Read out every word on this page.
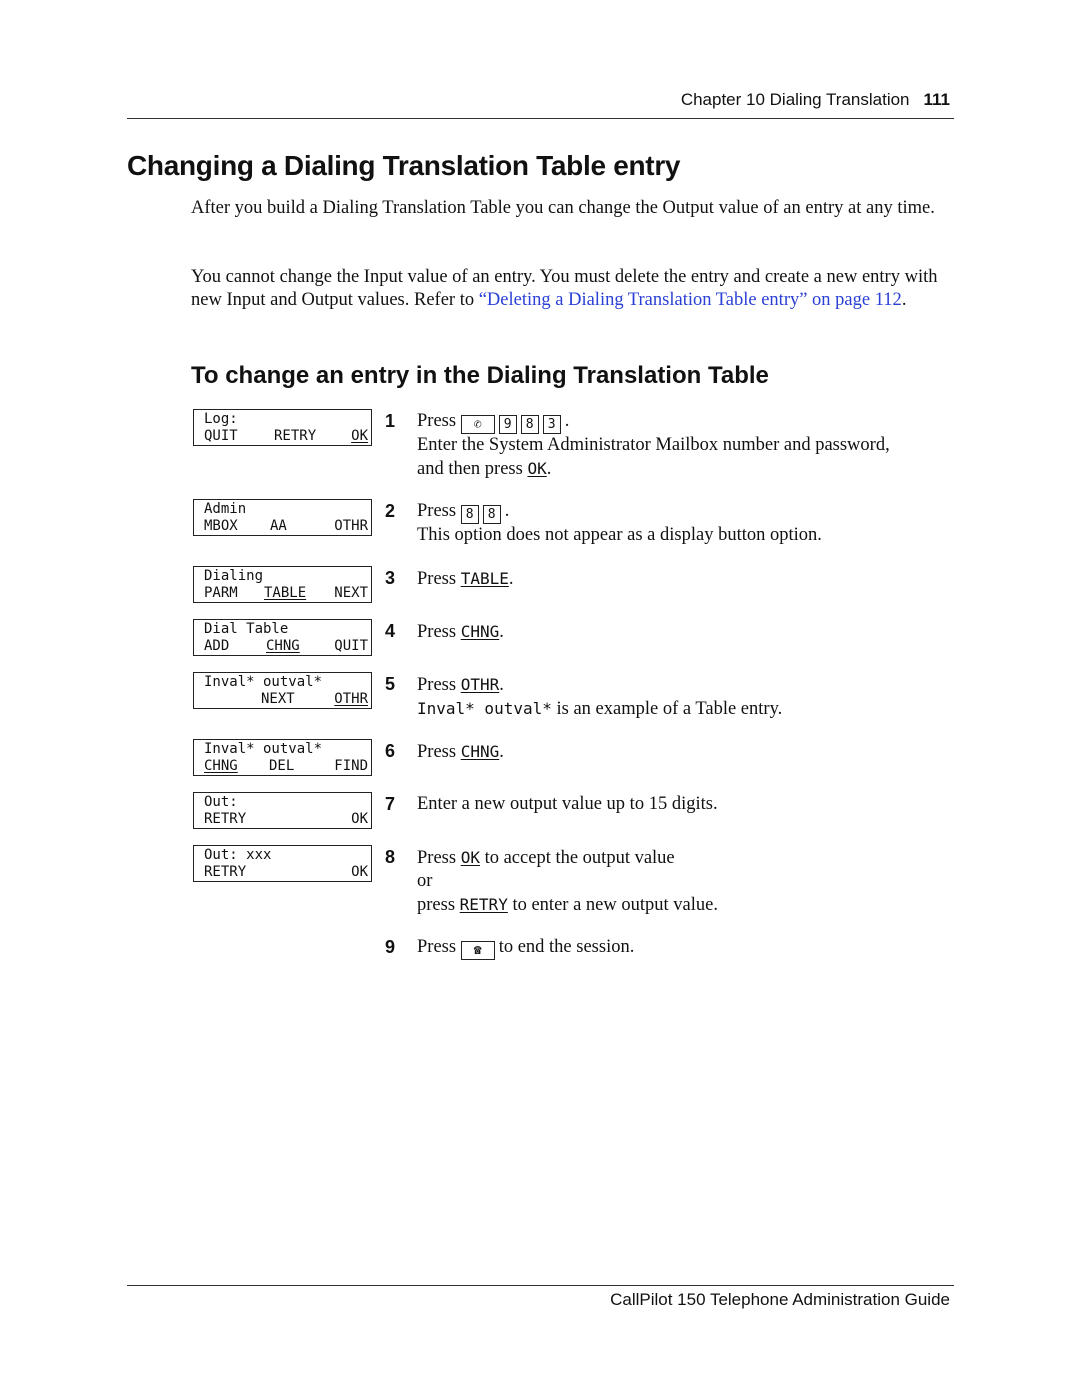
Chapter 10 Dialing Translation 111
Changing a Dialing Translation Table entry

After you build a Dialing Translation Table you can change the Output value of an entry at any time.

You cannot change the Input value of an entry. You must delete the entry and create a new entry with new Input and Output values. Refer to “Deleting a Dialing Translation Table entry” on page 112.

To change an entry in the Dialing Translation Table
Log:
QUIT	RETRY OK
Admin
MBOX AA	OTHR
Dialing
PARM TABLE NEXT
Dial Table
ADD	CHNG QUIT
Inval* outval*
NEXT	OTHR
Inval* outval*
CHNG DEL	FIND
Out:
RETRY	OK
Out: xxx
RETRY	OK
1 Press ✆ 9 8 3 .
Enter the System Administrator Mailbox number and password,
and then press OK.
2 Press 8 8 .
This option does not appear as a display button option.
3 Press TABLE.
4 Press CHNG.
5 Press OTHR.
Inval* outval* is an example of a Table entry.
6 Press CHNG.
7 Enter a new output value up to 15 digits.
8 Press OK to accept the output value
or
press RETRY to enter a new output value.
9 Press ☎ to end the session.
CallPilot 150 Telephone Administration Guide
